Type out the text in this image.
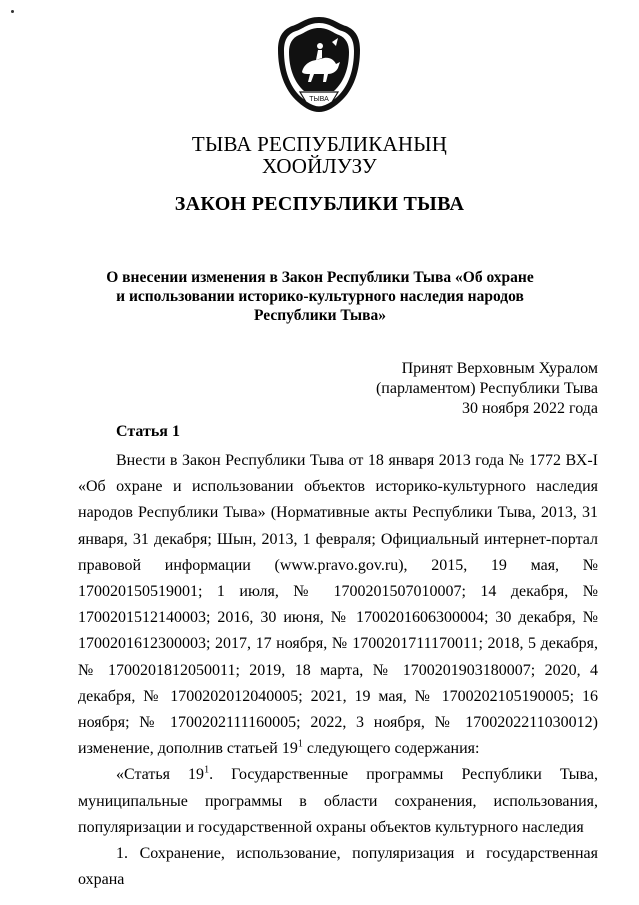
ТЫВА
ТЫВА РЕСПУБЛИКАНЫҢ
ХООЙЛУЗУ
ЗАКОН РЕСПУБЛИКИ ТЫВА
О внесении изменения в Закон Республики Тыва «Об охране
и использовании историко-культурного наследия народов
Республики Тыва»
Принят Верховным Хуралом
(парламентом) Республики Тыва
30 ноября 2022 года
Статья 1

Внести в Закон Республики Тыва от 18 января 2013 года № 1772 ВХ-I «Об охране и использовании объектов историко-культурного наследия народов Республики Тыва» (Нормативные акты Республики Тыва, 2013, 31 января, 31 декабря; Шын, 2013, 1 февраля; Официальный интернет-портал правовой информации (www.pravo.gov.ru), 2015, 19 мая, № 170020150519001; 1 июля, № 1700201507010007; 14 декабря, № 1700201512140003; 2016, 30 июня, № 1700201606300004; 30 декабря, № 1700201612300003; 2017, 17 ноября, № 1700201711170011; 2018, 5 декабря, № 1700201812050011; 2019, 18 марта, № 1700201903180007; 2020, 4 декабря, № 1700202012040005; 2021, 19 мая, № 1700202105190005; 16 ноября; № 1700202111160005; 2022, 3 ноября, № 1700202211030012) изменение, дополнив статьей $19^1$ следующего содержания:

«Статья $19^1$. Государственные программы Республики Тыва, муниципальные программы в области сохранения, использования, популяризации и государственной охраны объектов культурного наследия

1. Сохранение, использование, популяризация и государственная охрана
